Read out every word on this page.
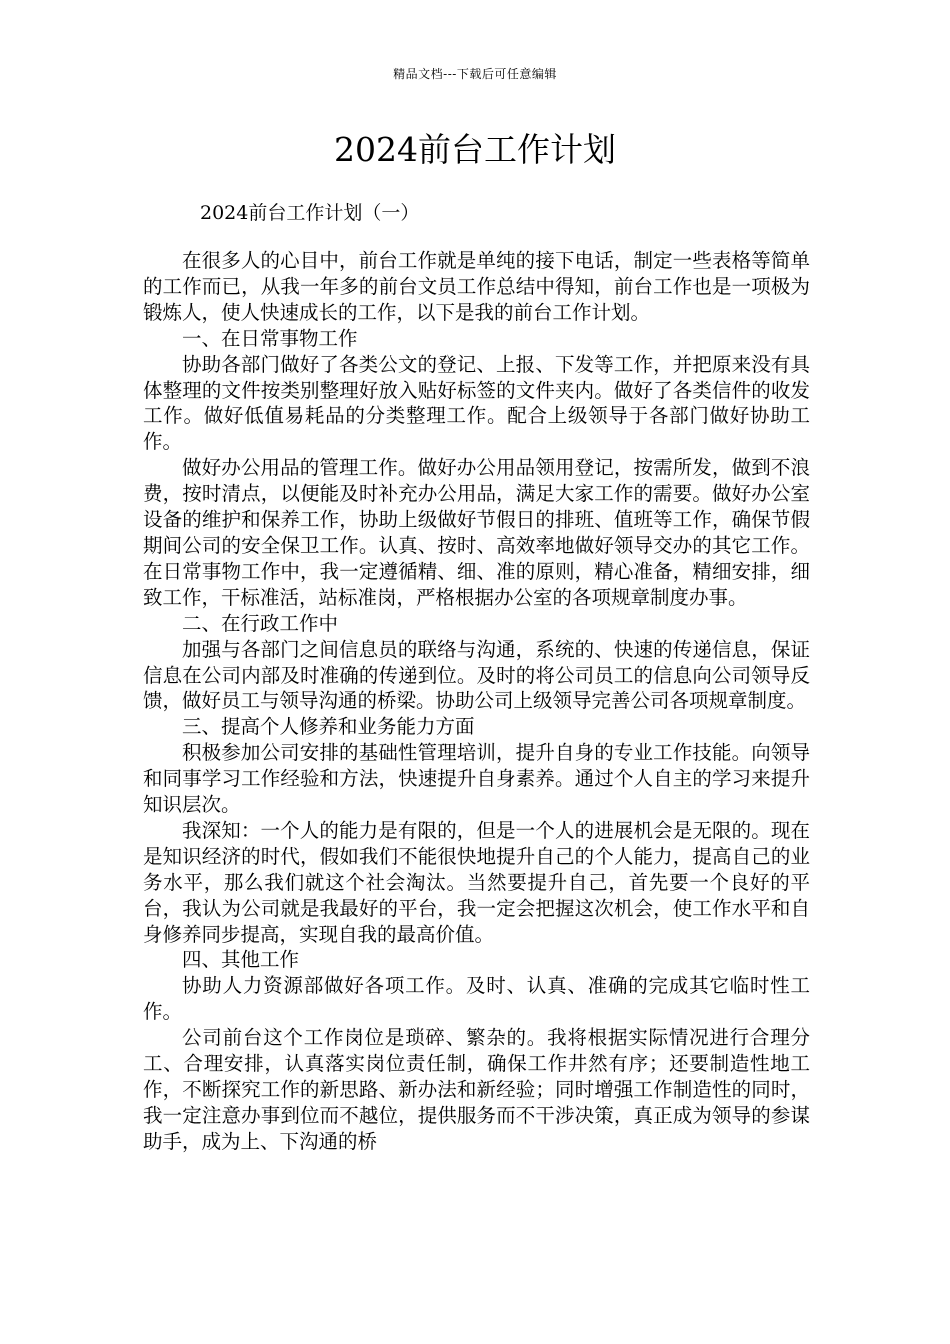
精品文档---下载后可任意编辑
2024前台工作计划
2024前台工作计划（一）

在很多人的心目中，前台工作就是单纯的接下电话，制定一些表格等简单的工作而已，从我一年多的前台文员工作总结中得知，前台工作也是一项极为锻炼人，使人快速成长的工作，以下是我的前台工作计划。

一、在日常事物工作

协助各部门做好了各类公文的登记、上报、下发等工作，并把原来没有具体整理的文件按类别整理好放入贴好标签的文件夹内。做好了各类信件的收发工作。做好低值易耗品的分类整理工作。配合上级领导于各部门做好协助工作。

做好办公用品的管理工作。做好办公用品领用登记，按需所发，做到不浪费，按时清点，以便能及时补充办公用品，满足大家工作的需要。做好办公室设备的维护和保养工作，协助上级做好节假日的排班、值班等工作，确保节假期间公司的安全保卫工作。认真、按时、高效率地做好领导交办的其它工作。在日常事物工作中，我一定遵循精、细、准的原则，精心准备，精细安排，细致工作，干标准活，站标准岗，严格根据办公室的各项规章制度办事。

二、在行政工作中

加强与各部门之间信息员的联络与沟通，系统的、快速的传递信息，保证信息在公司内部及时准确的传递到位。及时的将公司员工的信息向公司领导反馈，做好员工与领导沟通的桥梁。协助公司上级领导完善公司各项规章制度。

三、提高个人修养和业务能力方面

积极参加公司安排的基础性管理培训，提升自身的专业工作技能。向领导和同事学习工作经验和方法，快速提升自身素养。通过个人自主的学习来提升知识层次。

我深知：一个人的能力是有限的，但是一个人的进展机会是无限的。现在是知识经济的时代，假如我们不能很快地提升自己的个人能力，提高自己的业务水平，那么我们就这个社会淘汰。当然要提升自己，首先要一个良好的平台，我认为公司就是我最好的平台，我一定会把握这次机会，使工作水平和自身修养同步提高，实现自我的最高价值。

四、其他工作

协助人力资源部做好各项工作。及时、认真、准确的完成其它临时性工作。

公司前台这个工作岗位是琐碎、繁杂的。我将根据实际情况进行合理分工、合理安排，认真落实岗位责任制，确保工作井然有序；还要制造性地工作，不断探究工作的新思路、新办法和新经验；同时增强工作制造性的同时，我一定注意办事到位而不越位，提供服务而不干涉决策，真正成为领导的参谋助手，成为上、下沟通的桥
